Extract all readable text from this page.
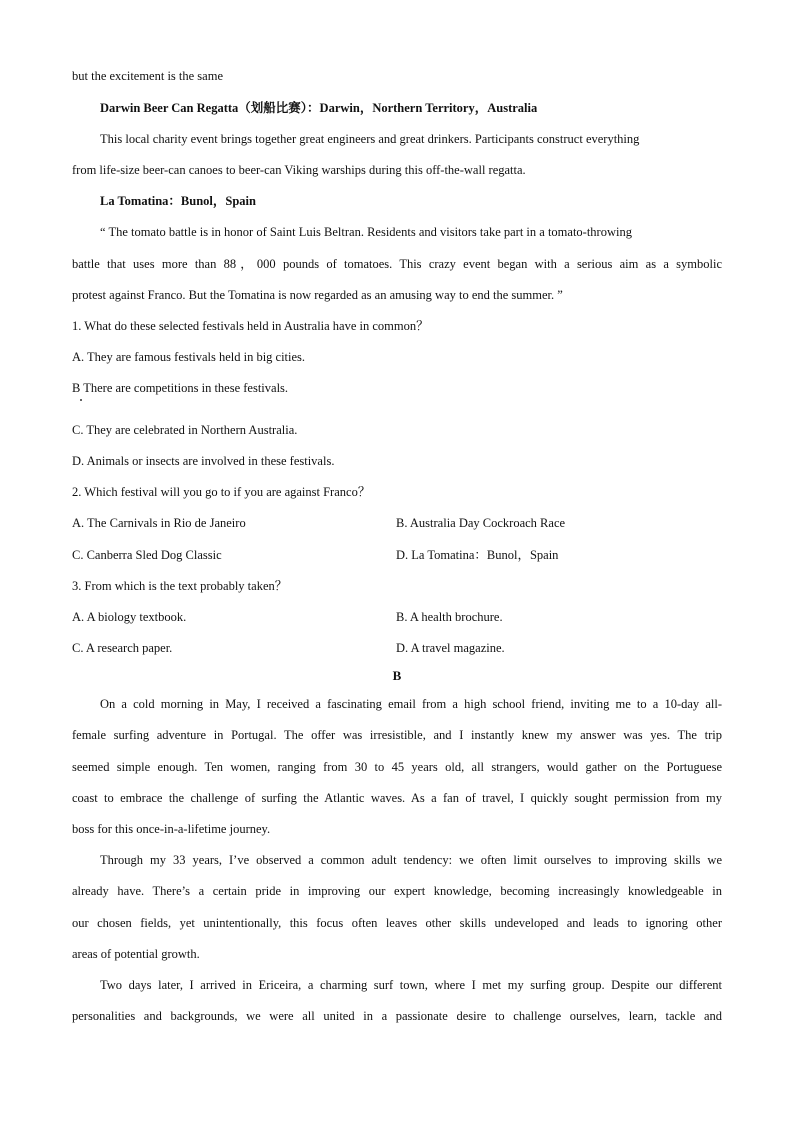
but the excitement is the same
Darwin Beer Can Regatta（划船比赛）：Darwin，Northern Territory，Australia
This local charity event brings together great engineers and great drinkers. Participants construct everything
from life-size beer-can canoes to beer-can Viking warships during this off-the-wall regatta.
La Tomatina：Bunol，Spain
“ The tomato battle is in honor of Saint Luis Beltran. Residents and visitors take part in a tomato-throwing
battle that uses more than 88，000 pounds of tomatoes. This crazy event began with a serious aim as a symbolic
protest against Franco. But the Tomatina is now regarded as an amusing way to end the summer. ”
1. What do these selected festivals held in Australia have in common？
A. They are famous festivals held in big cities.
B There are competitions in these festivals.
C. They are celebrated in Northern Australia.
D. Animals or insects are involved in these festivals.
2. Which festival will you go to if you are against Franco？
A. The Carnivals in Rio de Janeiro	B. Australia Day Cockroach Race
C. Canberra Sled Dog Classic	D. La Tomatina：Bunol，Spain
3. From which is the text probably taken？
A. A biology textbook.	B. A health brochure.
C. A research paper.	D. A travel magazine.
B
On a cold morning in May, I received a fascinating email from a high school friend, inviting me to a 10-day all-
female surfing adventure in Portugal. The offer was irresistible, and I instantly knew my answer was yes. The trip
seemed simple enough. Ten women, ranging from 30 to 45 years old, all strangers, would gather on the Portuguese
coast to embrace the challenge of surfing the Atlantic waves. As a fan of travel, I quickly sought permission from my
boss for this once-in-a-lifetime journey.
Through my 33 years, I’ve observed a common adult tendency: we often limit ourselves to improving skills we
already have. There’s a certain pride in improving our expert knowledge, becoming increasingly knowledgeable in
our chosen fields, yet unintentionally, this focus often leaves other skills undeveloped and leads to ignoring other
areas of potential growth.
Two days later, I arrived in Ericeira, a charming surf town, where I met my surfing group. Despite our different
personalities and backgrounds, we were all united in a passionate desire to challenge ourselves, learn, tackle and
